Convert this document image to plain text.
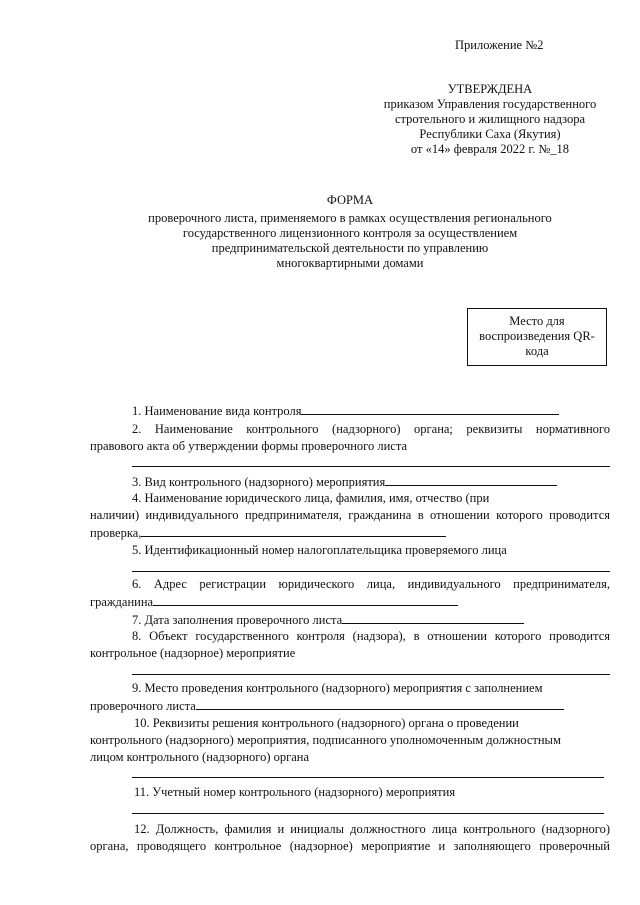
Приложение №2
УТВЕРЖДЕНА
приказом Управления государственного
стротельного и жилищного надзора
Республики Саха (Якутия)
от «14» февраля 2022 г. №_18
ФОРМА
проверочного листа, применяемого в рамках осуществления регионального
государственного лицензионного контроля за осуществлением
предпринимательской деятельности по управлению
многоквартирными домами
Место для
воспроизведения QR-
кода
1. Наименование вида контроля
2. Наименование контрольного (надзорного) органа; реквизиты нормативного
правового акта об утверждении формы проверочного листа
3. Вид контрольного (надзорного) мероприятия
4. Наименование юридического лица, фамилия, имя, отчество (при
наличии) индивидуального предпринимателя, гражданина в отношении которого проводится
проверка,
5. Идентификационный номер налогоплательщика проверяемого лица
6. Адрес регистрации юридического лица, индивидуального предпринимателя,
гражданина
7. Дата заполнения проверочного листа
8. Объект государственного контроля (надзора), в отношении которого проводится
контрольное (надзорное) мероприятие
9. Место проведения контрольного (надзорного) мероприятия с заполнением
проверочного листа
10. Реквизиты решения контрольного (надзорного) органа о проведении
контрольного (надзорного) мероприятия, подписанного уполномоченным должностным
лицом контрольного (надзорного) органа
11. Учетный номер контрольного (надзорного) мероприятия
12. Должность, фамилия и инициалы должностного лица контрольного (надзорного)
органа, проводящего контрольное (надзорное) мероприятие и заполняющего проверочный
